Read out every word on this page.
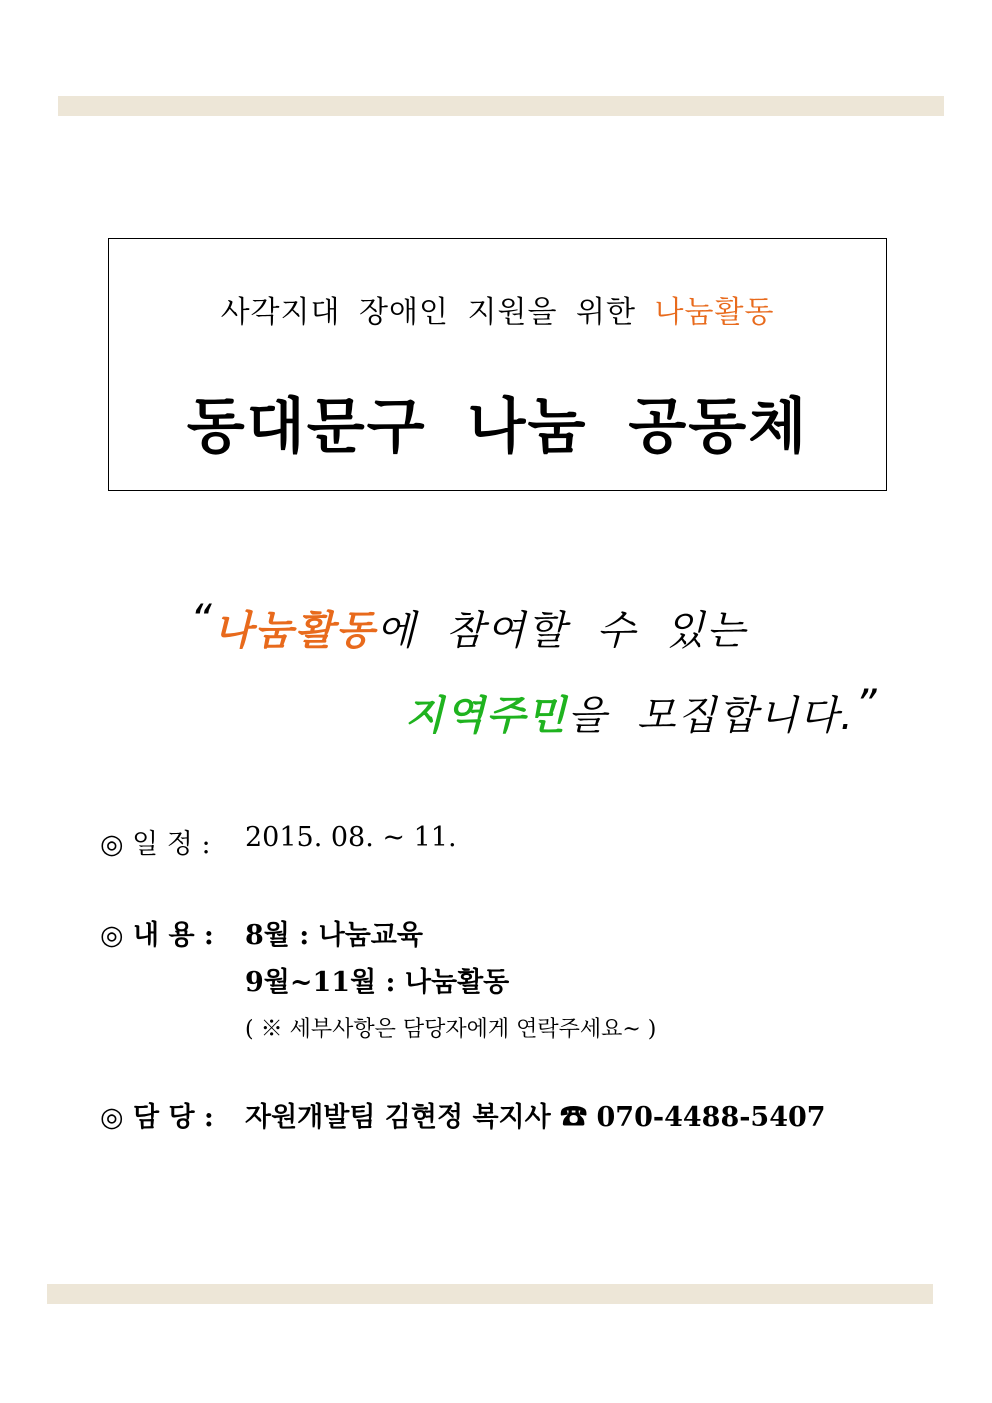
사각지대 장애인 지원을 위한 나눔활동
동대문구 나눔 공동체
“나눔활동에 참여할 수 있는
지역주민을 모집합니다.”
◎ 일 정 : 2015. 08. ~ 11.
◎ 내 용 : 8월 : 나눔교육
9월~11월 : 나눔활동
( ※ 세부사항은 담당자에게 연락주세요~ )
◎ 담 당 : 자원개발팀 김현정 복지사 ☎ 070-4488-5407
